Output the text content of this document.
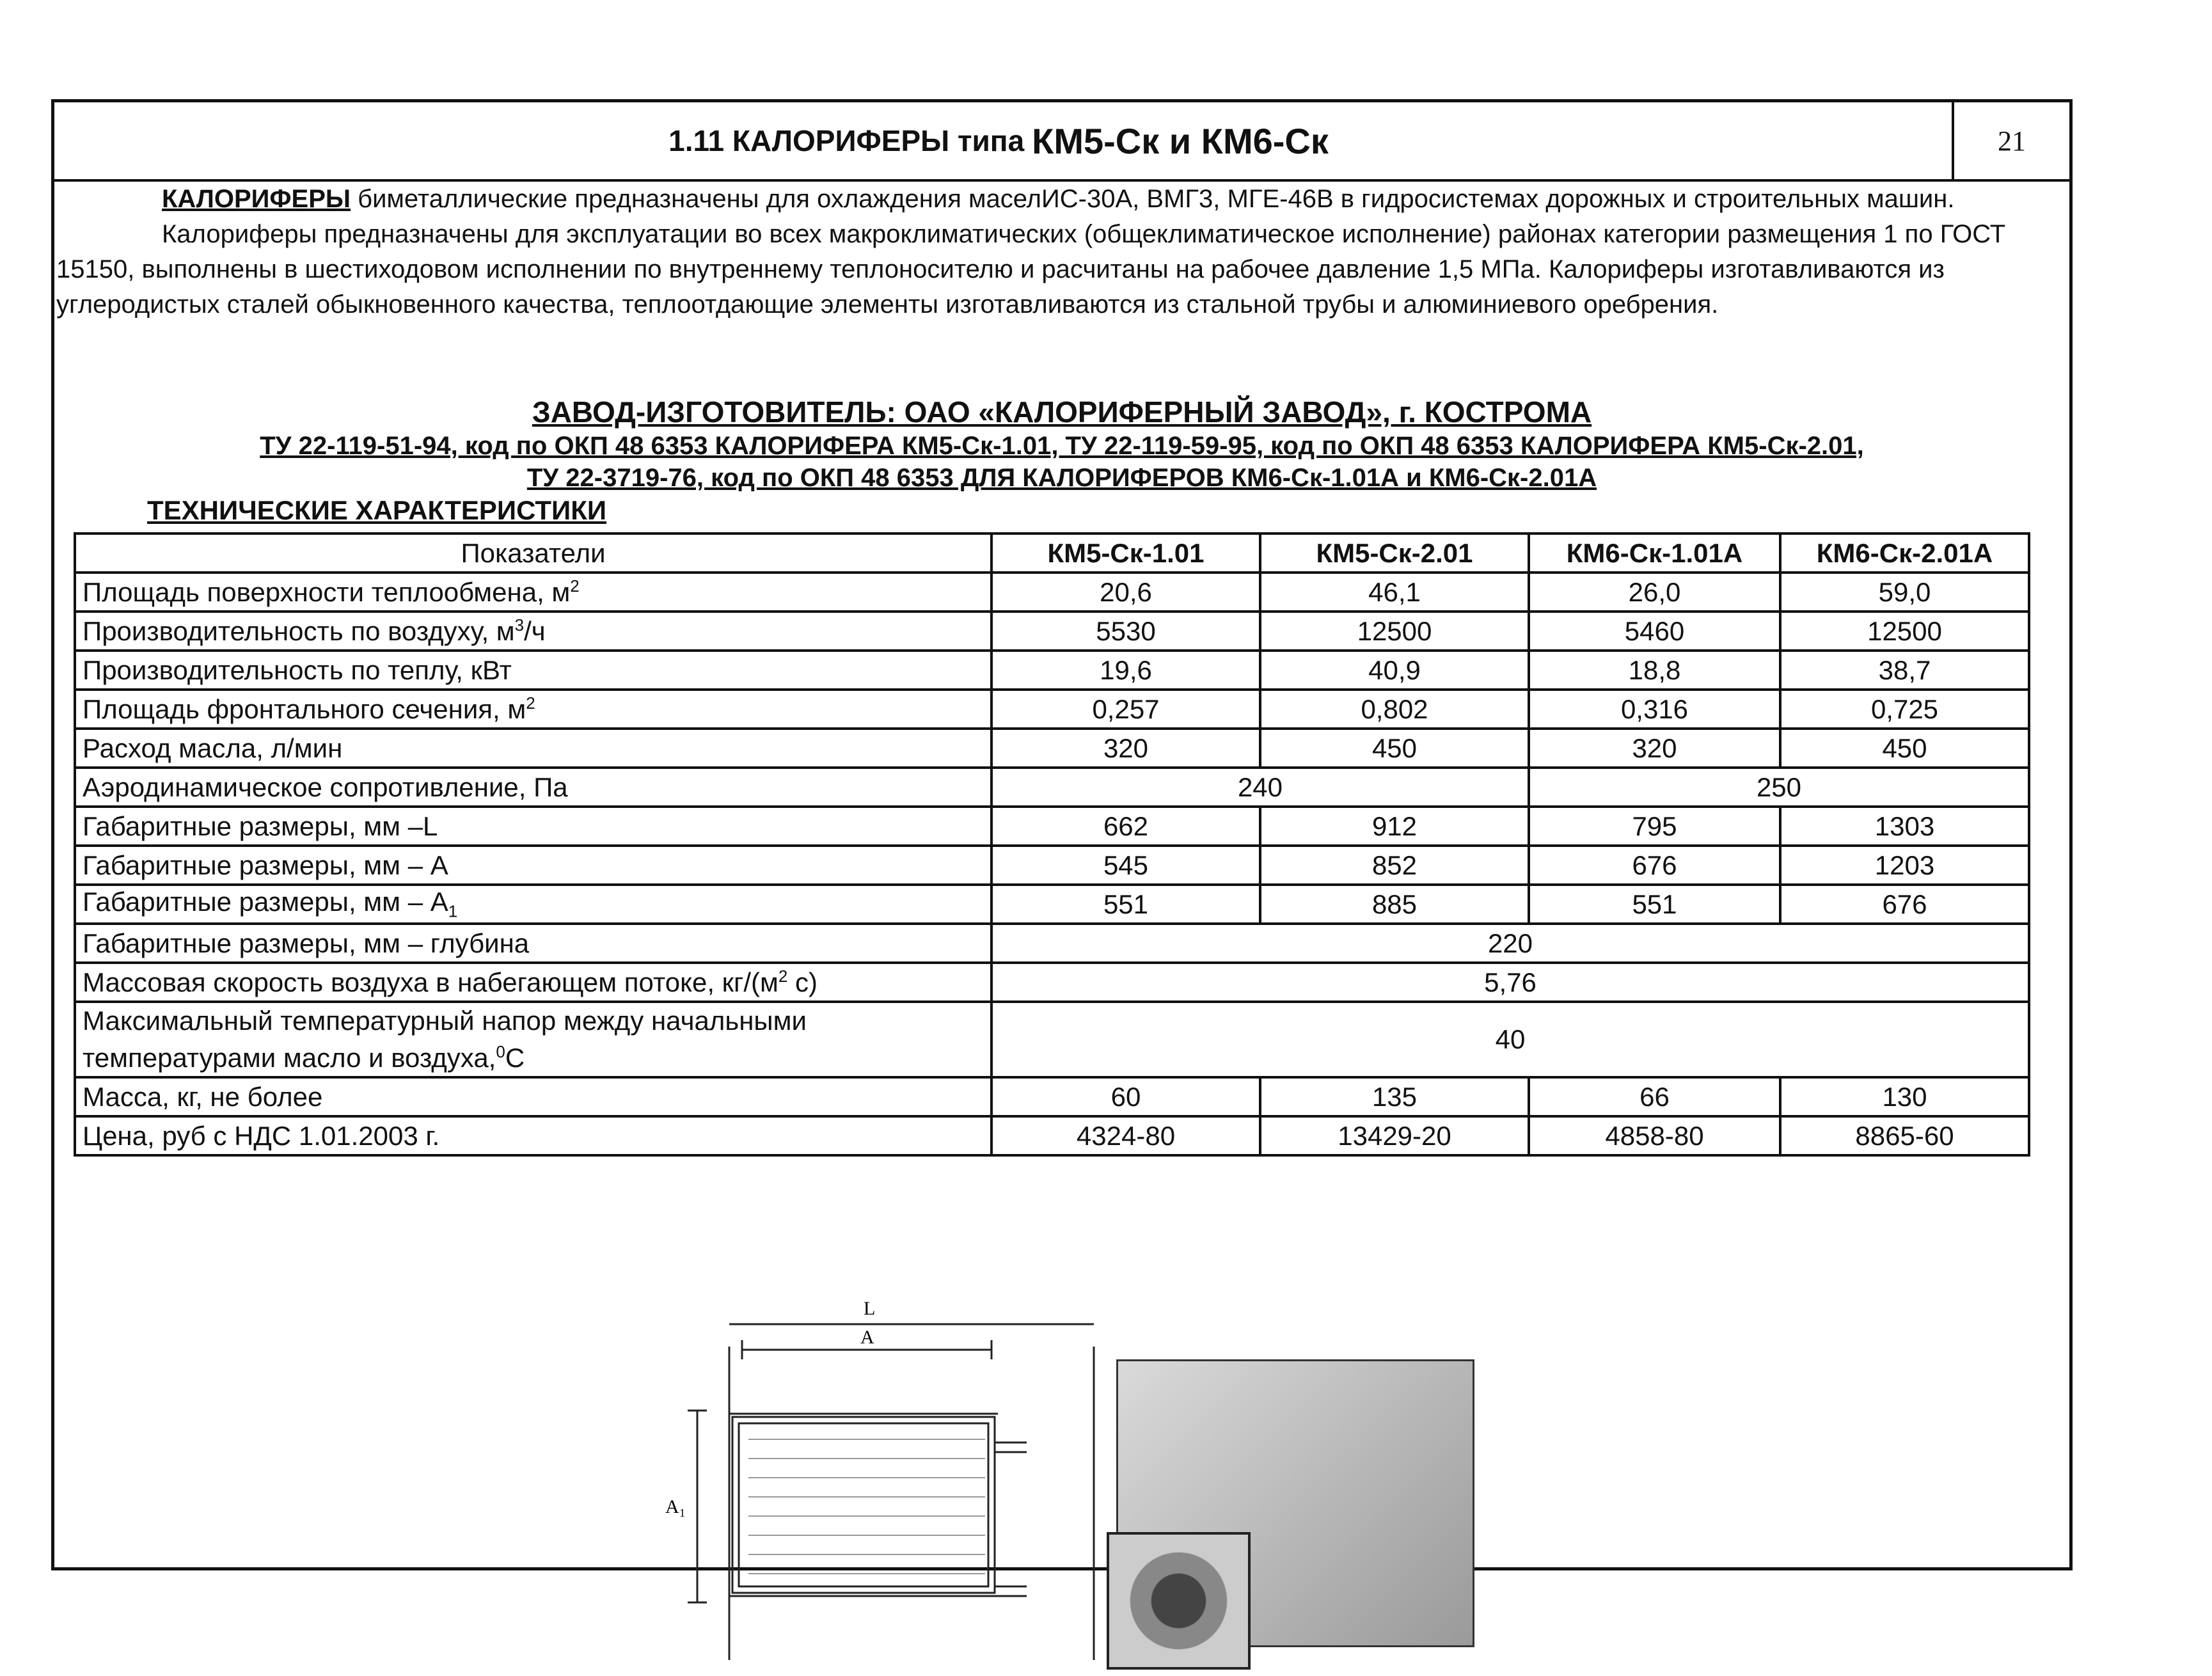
1.11 КАЛОРИФЕРЫ типа КМ5-Ск и КМ6-Ск	21

КАЛОРИФЕРЫ биметаллические предназначены для охлаждения маселИС-30А, ВМГ3, МГЕ-46В в гидросистемах дорожных и строительных машин.

Калориферы предназначены для эксплуатации во всех макроклиматических (общеклиматическое исполнение) районах категории размещения 1 по ГОСТ 15150, выполнены в шестиходовом исполнении по внутреннему теплоносителю и расчитаны на рабочее давление 1,5 МПа. Калориферы изготавливаются из углеродистых сталей обыкновенного качества, теплоотдающие элементы изготавливаются из стальной трубы и алюминиевого оребрения.

ЗАВОД-ИЗГОТОВИТЕЛЬ: ОАО «КАЛОРИФЕРНЫЙ ЗАВОД», г. КОСТРОМА
ТУ 22-119-51-94, код по ОКП 48 6353 КАЛОРИФЕРА КМ5-Ск-1.01, ТУ 22-119-59-95, код по ОКП 48 6353 КАЛОРИФЕРА КМ5-Ск-2.01,
ТУ 22-3719-76, код по ОКП 48 6353 ДЛЯ КАЛОРИФЕРОВ КМ6-Ск-1.01А и КМ6-Ск-2.01А
ТЕХНИЧЕСКИЕ ХАРАКТЕРИСТИКИ
Показатели	КМ5-Ск-1.01	КМ5-Ск-2.01	КМ6-Ск-1.01А	КМ6-Ск-2.01А
Площадь поверхности теплообмена, $м^2$	20,6	46,1	26,0	59,0
Производительность по воздуху, $м^3/ч$	5530	12500	5460	12500
Производительность по теплу, кВт	19,6	40,9	18,8	38,7
Площадь фронтального сечения, $м^2$	0,257	0,802	0,316	0,725
Расход масла, л/мин	320	450	320	450
Аэродинамическое сопротивление, Па	240		250	
Габаритные размеры, мм –L	662	912	795	1303
Габаритные размеры, мм – А	545	852	676	1203
Габаритные размеры, мм – $А_1$	551	885	551	676
Габаритные размеры, мм – глубина	220			
Массовая скорость воздуха в набегающем потоке, $кг/(м^2$ с)	5,76			
Максимальный температурный напор между начальными температурами масло и воздуха,$^0$С	40			
Масса, кг, не более	60	135	66	130
Цена, руб с НДС 1.01.2003 г.	4324-80	13429-20	4858-80	8865-60
L
A
A₁
